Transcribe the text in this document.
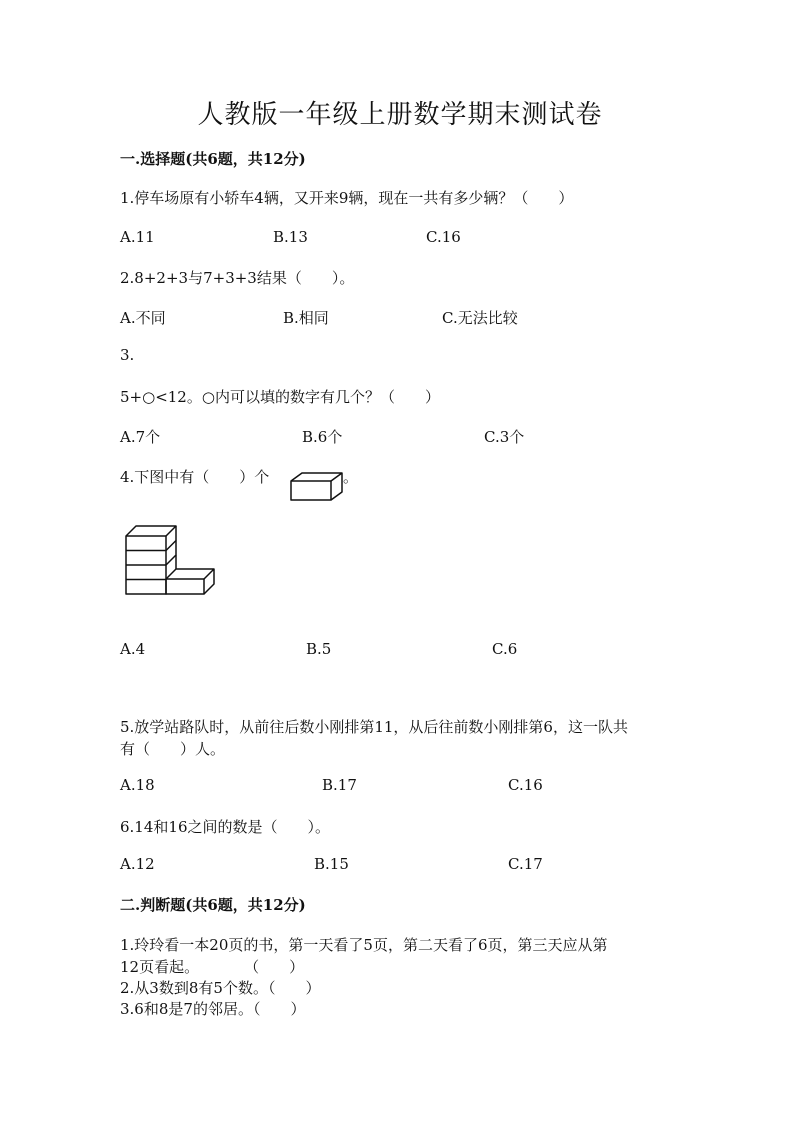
人教版一年级上册数学期末测试卷
一.选择题(共6题，共12分)
1.停车场原有小轿车4辆，又开来9辆，现在一共有多少辆？（　　）
A.11	B.13	C.16
2.8+2+3与7+3+3结果（　　）。
A.不同	B.相同	C.无法比较
3.
5+○<12。○内可以填的数字有几个？（　　）
A.7个	B.6个	C.3个
4.下图中有（　　）个	。
A.4	B.5	C.6
5.放学站路队时，从前往后数小刚排第11，从后往前数小刚排第6，这一队共
有（　　）人。
A.18	B.17	C.16
6.14和16之间的数是（　　）。
A.12	B.15	C.17
二.判断题(共6题，共12分)
1.玲玲看一本20页的书，第一天看了5页，第二天看了6页，第三天应从第
12页看起。　　　　（　　）
2.从3数到8有5个数。（　　）
3.6和8是7的邻居。（　　）
